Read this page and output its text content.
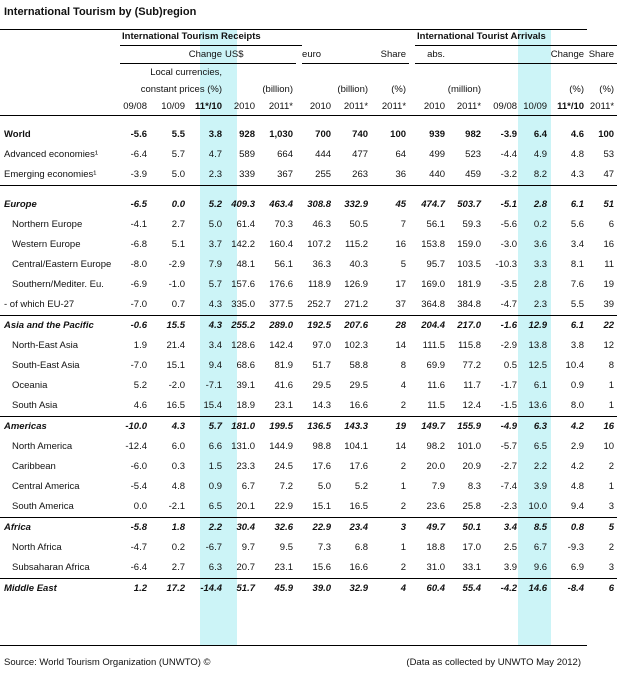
International Tourism by (Sub)region
		International Tourism Receipts										International Tourist Arrivals					
		Change			US$			euro		Share		abs.		Change			Share
		Local currencies,															
		constant prices (%)			(billion)			(billion)		(%)		(million)		(%)			(%)
		09/08	10/09	11*/10	2010	2011*		2010	2011*	2011*		2010	2011*	09/08	10/09	11*/10	2011*

World		-5.6	5.5	3.8	928	1,030		700	740	100		939	982	-3.9	6.4	4.6	100
Advanced economies¹		-6.4	5.7	4.7	589	664		444	477	64		499	523	-4.4	4.9	4.8	53
Emerging economies¹		-3.9	5.0	2.3	339	367		255	263	36		440	459	-3.2	8.2	4.3	47

Europe		-6.5	0.0	5.2	409.3	463.4		308.8	332.9	45		474.7	503.7	-5.1	2.8	6.1	51
Northern Europe		-4.1	2.7	5.0	61.4	70.3		46.3	50.5	7		56.1	59.3	-5.6	0.2	5.6	6
Western Europe		-6.8	5.1	3.7	142.2	160.4		107.2	115.2	16		153.8	159.0	-3.0	3.6	3.4	16
Central/Eastern Europe		-8.0	-2.9	7.9	48.1	56.1		36.3	40.3	5		95.7	103.5	-10.3	3.3	8.1	11
Southern/Mediter. Eu.		-6.9	-1.0	5.7	157.6	176.6		118.9	126.9	17		169.0	181.9	-3.5	2.8	7.6	19
- of which EU-27		-7.0	0.7	4.3	335.0	377.5		252.7	271.2	37		364.8	384.8	-4.7	2.3	5.5	39
Asia and the Pacific		-0.6	15.5	4.3	255.2	289.0		192.5	207.6	28		204.4	217.0	-1.6	12.9	6.1	22
North-East Asia		1.9	21.4	3.4	128.6	142.4		97.0	102.3	14		111.5	115.8	-2.9	13.8	3.8	12
South-East Asia		-7.0	15.1	9.4	68.6	81.9		51.7	58.8	8		69.9	77.2	0.5	12.5	10.4	8
Oceania		5.2	-2.0	-7.1	39.1	41.6		29.5	29.5	4		11.6	11.7	-1.7	6.1	0.9	1
South Asia		4.6	16.5	15.4	18.9	23.1		14.3	16.6	2		11.5	12.4	-1.5	13.6	8.0	1
Americas		-10.0	4.3	5.7	181.0	199.5		136.5	143.3	19		149.7	155.9	-4.9	6.3	4.2	16
North America		-12.4	6.0	6.6	131.0	144.9		98.8	104.1	14		98.2	101.0	-5.7	6.5	2.9	10
Caribbean		-6.0	0.3	1.5	23.3	24.5		17.6	17.6	2		20.0	20.9	-2.7	2.2	4.2	2
Central America		-5.4	4.8	0.9	6.7	7.2		5.0	5.2	1		7.9	8.3	-7.4	3.9	4.8	1
South America		0.0	-2.1	6.5	20.1	22.9		15.1	16.5	2		23.6	25.8	-2.3	10.0	9.4	3
Africa		-5.8	1.8	2.2	30.4	32.6		22.9	23.4	3		49.7	50.1	3.4	8.5	0.8	5
North Africa		-4.7	0.2	-6.7	9.7	9.5		7.3	6.8	1		18.8	17.0	2.5	6.7	-9.3	2
Subsaharan Africa		-6.4	2.7	6.3	20.7	23.1		15.6	16.6	2		31.0	33.1	3.9	9.6	6.9	3
Middle East		1.2	17.2	-14.4	51.7	45.9		39.0	32.9	4		60.4	55.4	-4.2	14.6	-8.4	6
Source: World Tourism Organization (UNWTO) ©	(Data as collected by UNWTO May 2012)
